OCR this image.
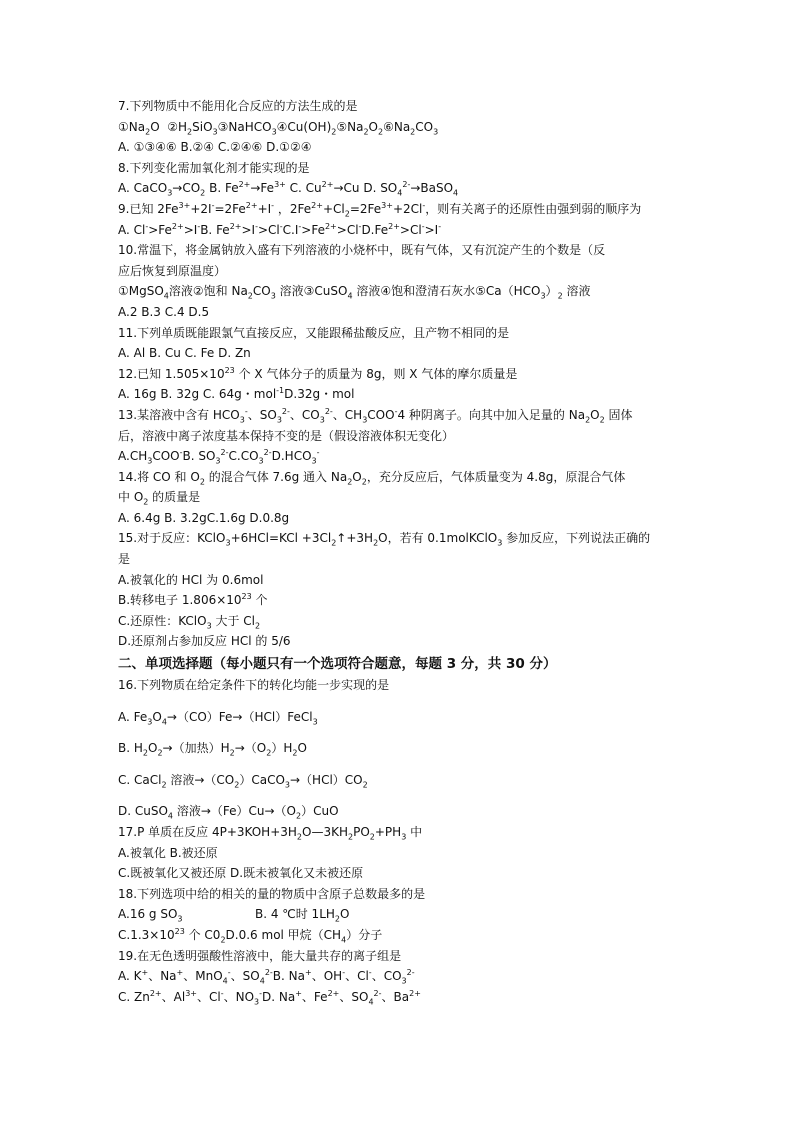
7.下列物质中不能用化合反应的方法生成的是
$①Na_2O$  $②H_2SiO_3③NaHCO_3④Cu(OH)_2⑤Na_2O_2⑥Na_2CO_3$
A. ①③④⑥ B.②④ C.②④⑥ D.①②④
8.下列变化需加氧化剂才能实现的是
A. $CaCO_3\to CO_2$ B. $Fe^{2+}\to Fe^{3+}$ C. $Cu^{2+}\to Cu$ D. $SO_4^{2-}\to BaSO_4$
9.已知 $2Fe^{3+}+2I^-=2Fe^{2+}+I^-$ ，$2Fe^{2+}+Cl_2=2Fe^{3+}+2Cl^-$，则有关离子的还原性由强到弱的顺序为
A. $Cl^->Fe^{2+}>I^-B$. $Fe^{2+}>I^->Cl^-C.I^->Fe^{2+}>Cl^-D.Fe^{2+}>Cl^->I^-$
10.常温下，将金属钠放入盛有下列溶液的小烧杯中，既有气体，又有沉淀产生的个数是（反
应后恢复到原温度）
①MgSO$_4$溶液②饱和 $Na_2CO_3$ 溶液③CuSO$_4$ 溶液④饱和澄清石灰水$⑤Ca(HCO_3)_2$ 溶液
A.2 B.3 C.4 D.5
11.下列单质既能跟氯气直接反应，又能跟稀盐酸反应，且产物不相同的是
A. Al B. Cu C. Fe D. Zn
12.已知 $1.505\times 10^{23}$ 个 X 气体分子的质量为 8g，则 X 气体的摩尔质量是
A. 16g B. 32g C. 64g・mol$^{-1}$D.32g・mol
13.某溶液中含有 $HCO_3^-$、$SO_3^{2-}$、$CO_3^{2-}$、$CH_3COO^-4$ 种阴离子。向其中加入足量的 $Na_2O_2$ 固体
后，溶液中离子浓度基本保持不变的是（假设溶液体积无变化）
$A.CH_3COO^-B$. $SO_3^{2-}C.CO_3^{2-}D.HCO_3^-$
14.将 CO 和 $O_2$ 的混合气体 7.6g 通入 $Na_2O_2$，充分反应后，气体质量变为 4.8g，原混合气体
中 $O_2$ 的质量是
A. 6.4g B. 3.2gC.1.6g D.0.8g
15.对于反应：KClO$_3$+6HCl=KCl $+3Cl_2↑+3H_2O$，若有 0.1molKClO$_3$ 参加反应，下列说法正确的
是
A.被氧化的 HCl 为 0.6mol
B.转移电子 $1.806\times 10^{23}$ 个
C.还原性：KClO$_3$ 大于 $Cl_2$
D.还原剂占参加反应 HCl 的 5/6
二、单项选择题（每小题只有一个选项符合题意，每题 3 分，共 30 分）
16.下列物质在给定条件下的转化均能一步实现的是
A. $Fe_3O_4\to(CO)Fe\to(HCl)FeCl_3$
B. $H_2O_2\to$（加热）$H_2\to(O_2)H_2O$
C. CaCl$_2$ 溶液$\to(CO_2)CaCO_3\to(HCl)CO_2$
D. CuSO$_4$ 溶液$\to(Fe)Cu\to(O_2)CuO$
17.P 单质在反应 $4P+3KOH+3H_2O—3KH_2PO_2+PH_3$ 中
A.被氧化 B.被还原
C.既被氧化又被还原 D.既未被氧化又未被还原
18.下列选项中给的相关的量的物质中含原子总数最多的是
A.16 g $SO_3$                   B. 4 ℃时 $1LH_2O$
$C.1.3\times 10^{23}$ 个 $C0_2D.0.6$ mol 甲烷$(CH_4)$分子
19.在无色透明强酸性溶液中，能大量共存的离子组是
A. K+、Na+、MnO$_4$-、$SO_4^{2-}B$. Na+、OH-、Cl-、$CO_3^{2-}$
C. $Zn^{2+}$、$Al^{3+}$、Cl-、$NO_3^-D$. Na+、$Fe^{2+}$、$SO_4^{2-}$、$Ba^{2+}$
